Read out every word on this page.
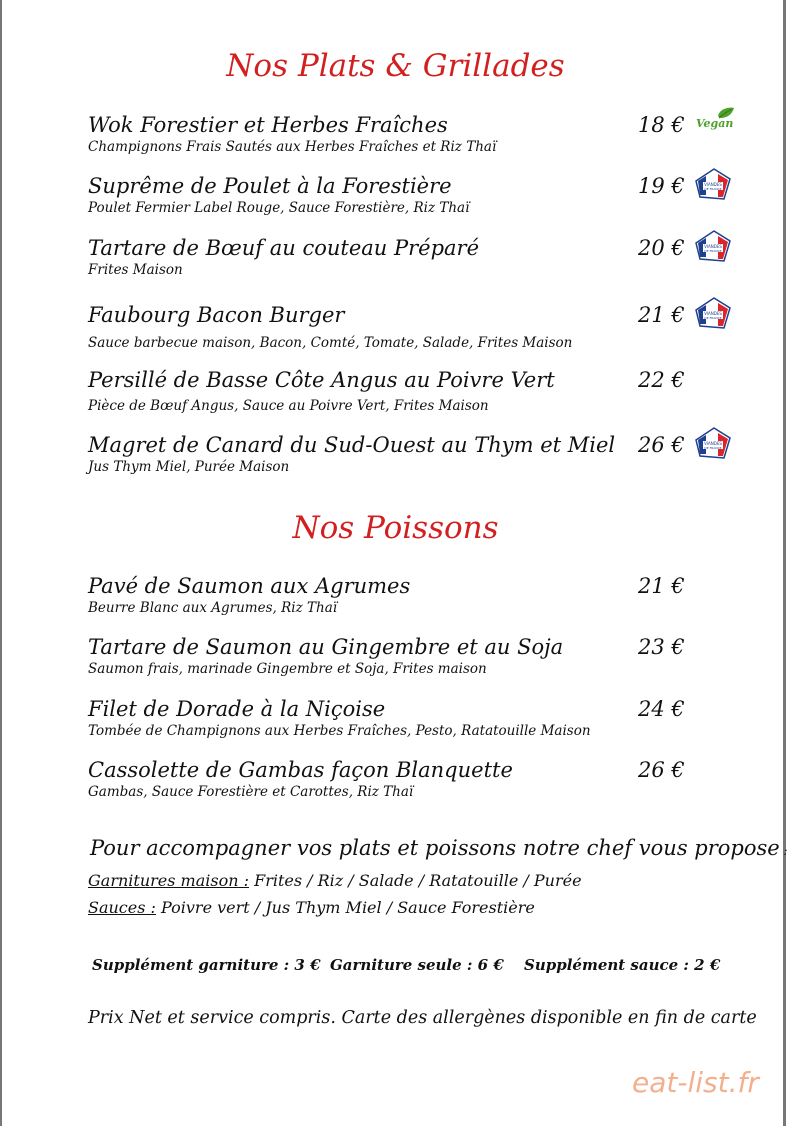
Nos Plats & Grillades
Wok Forestier et Herbes Fraîches
Champignons Frais Sautés aux Herbes Fraîches et Riz Thaï
18 € Vegan
Suprême de Poulet à la Forestière
Poulet Fermier Label Rouge, Sauce Forestière, Riz Thaï
19 €	VIANDES
DE FRANCE
Tartare de Bœuf au couteau Préparé
Frites Maison
20 €	VIANDES
DE FRANCE
Faubourg Bacon Burger
Sauce barbecue maison, Bacon, Comté, Tomate, Salade, Frites Maison
21 €	VIANDES
DE FRANCE
Persillé de Basse Côte Angus au Poivre Vert
Pièce de Bœuf Angus, Sauce au Poivre Vert, Frites Maison
22 €
Magret de Canard du Sud-Ouest au Thym et Miel
Jus Thym Miel, Purée Maison
26 €	VIANDES
DE FRANCE
Nos Poissons
Pavé de Saumon aux Agrumes
Beurre Blanc aux Agrumes, Riz Thaï
21 €
Tartare de Saumon au Gingembre et au Soja
Saumon frais, marinade Gingembre et Soja, Frites maison
23 €
Filet de Dorade à la Niçoise
Tombée de Champignons aux Herbes Fraîches, Pesto, Ratatouille Maison
24 €
Cassolette de Gambas façon Blanquette
Gambas, Sauce Forestière et Carottes, Riz Thaï
26 €
Pour accompagner vos plats et poissons notre chef vous propose :
Garnitures maison : Frites / Riz / Salade / Ratatouille / Purée
Sauces : Poivre vert / Jus Thym Miel / Sauce Forestière
Supplément garniture : 3 € Garniture seule : 6 € Supplément sauce : 2 €
Prix Net et service compris. Carte des allergènes disponible en fin de carte
eat-list.fr
